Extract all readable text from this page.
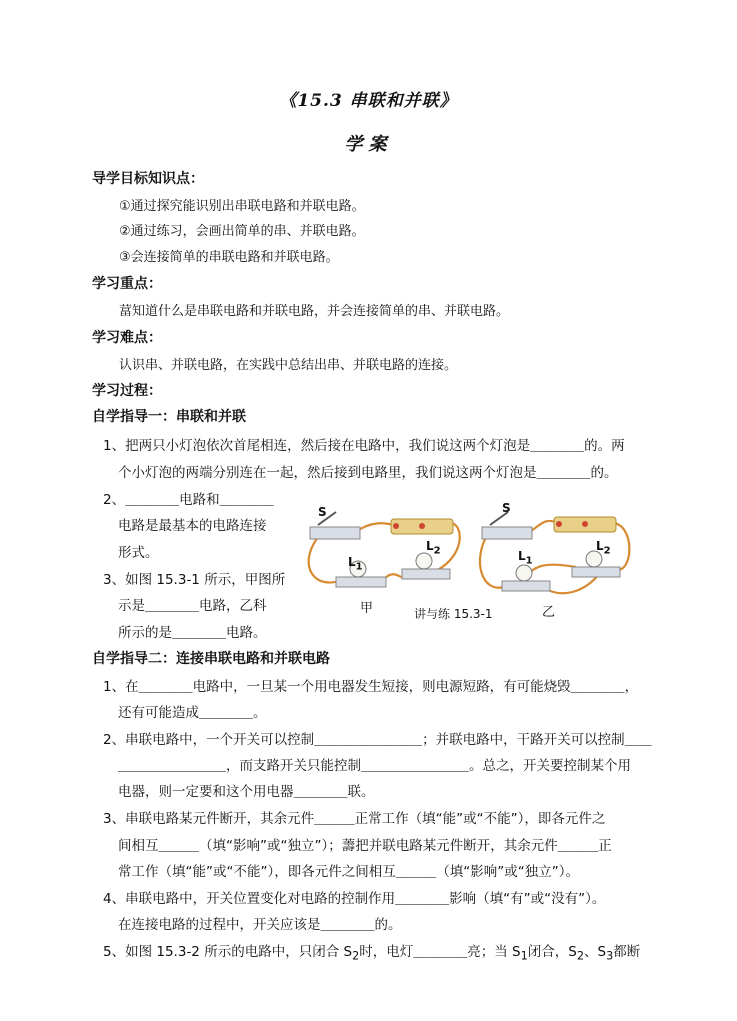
《15.3 串联和并联》
学案
导学目标知识点：
①通过探究能识别出串联电路和并联电路。
②通过练习，会画出简单的串、并联电路。
③会连接简单的串联电路和并联电路。
学习重点：
葍知道什么是串联电路和并联电路，并会连接简单的串、并联电路。
学习难点：
认识串、并联电路，在实践中总结出串、并联电路的连接。
学习过程：
自学指导一：串联和并联
1、把两只小灯泡依次首尾相连，然后接在电路中，我们说这两个灯泡是＿＿＿＿的。两
个小灯泡的两端分别连在一起，然后接到电路里，我们说这两个灯泡是＿＿＿＿的。
2、＿＿＿＿电路和＿＿＿＿
电路是最基本的电路连接
形式。
3、如图 15.3-1 所示，甲图所
示是＿＿＿＿电路，乙科
所示的是＿＿＿＿电路。
S
$L_1$
$L_2$
S
$L_1$
$L_2$
甲	讲与练 15.3-1	乙
自学指导二：连接串联电路和并联电路
1、在＿＿＿＿电路中，一旦某一个用电器发生短接，则电源短路，有可能烧毁＿＿＿＿，
还有可能造成＿＿＿＿。
2、串联电路中，一个开关可以控制＿＿＿＿＿＿＿＿；并联电路中，干路开关可以控制＿＿
＿＿＿＿＿＿＿＿，而支路开关只能控制＿＿＿＿＿＿＿＿。总之，开关要控制某个用
电器，则一定要和这个用电器＿＿＿＿联。
3、串联电路某元件断开，其余元件＿＿＿正常工作（填“能”或“不能”），即各元件之
间相互＿＿＿（填“影响”或“独立”）；薵把并联电路某元件断开，其余元件＿＿＿正
常工作（填“能”或“不能”），即各元件之间相互＿＿＿（填“影响”或“独立”）。
4、串联电路中，开关位置变化对电路的控制作用＿＿＿＿影响（填“有”或“没有”）。
在连接电路的过程中，开关应该是＿＿＿＿的。
5、如图 15.3-2 所示的电路中，只闭合 $S_2$时，电灯＿＿＿＿亮；当 $S_1$闭合，$S_2$、$S_3$都断
